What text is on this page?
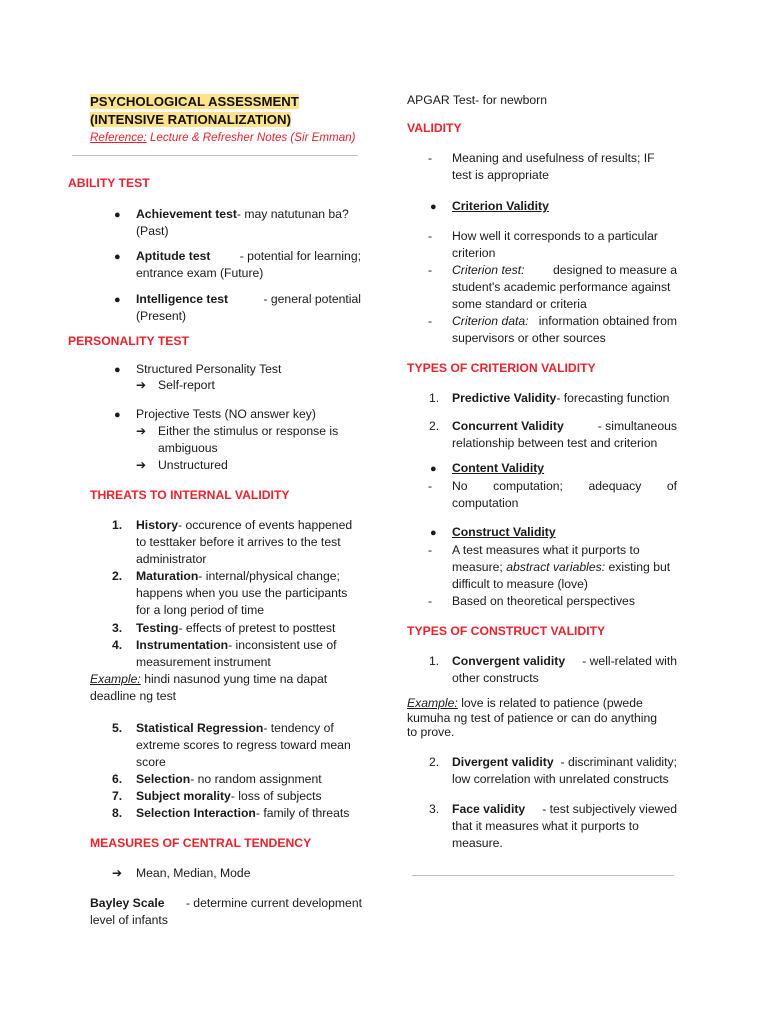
PSYCHOLOGICAL ASSESSMENT
(INTENSIVE RATIONALIZATION)
Reference: Lecture & Refresher Notes (Sir Emman)
ABILITY TEST
● Achievement test- may natutunan ba?
(Past)
● Aptitude test - potential for learning;
entrance exam (Future)
● Intelligence test	- general potential
(Present)
PERSONALITY TEST
● Structured Personality Test
➔ Self-report
● Projective Tests (NO answer key)
➔ Either the stimulus or response is
ambiguous
➔ Unstructured
THREATS TO INTERNAL VALIDITY
1. History- occurence of events happened
to testtaker before it arrives to the test
administrator
2. Maturation- internal/physical change;
happens when you use the participants
for a long period of time
3. Testing- effects of pretest to posttest
4. Instrumentation- inconsistent use of
measurement instrument
Example: hindi nasunod yung time na dapat
deadline ng test
5. Statistical Regression- tendency of
extreme scores to regress toward mean
score
6. Selection- no random assignment
7. Subject morality- loss of subjects
8. Selection Interaction- family of threats
MEASURES OF CENTRAL TENDENCY
➔ Mean, Median, Mode
Bayley Scale - determine current development
level of infants
APGAR Test- for newborn
VALIDITY
- Meaning and usefulness of results; IF
test is appropriate
● Criterion Validity
- How well it corresponds to a particular
criterion
- Criterion test: designed to measure a
student's academic performance against
some standard or criteria
- Criterion data: information obtained from
supervisors or other sources
TYPES OF CRITERION VALIDITY
1. Predictive Validity- forecasting function
2. Concurrent Validity	- simultaneous
relationship between test and criterion
● Content Validity
- No computation; adequacy of
computation
● Construct Validity
- A test measures what it purports to
measure; abstract variables: existing but
difficult to measure (love)
- Based on theoretical perspectives
TYPES OF CONSTRUCT VALIDITY
1. Convergent validity - well-related with
other constructs
Example: love is related to patience (pwede
kumuha ng test of patience or can do anything
to prove.
2. Divergent validity - discriminant validity;
low correlation with unrelated constructs
3. Face validity - test subjectively viewed
that it measures what it purports to
measure.
